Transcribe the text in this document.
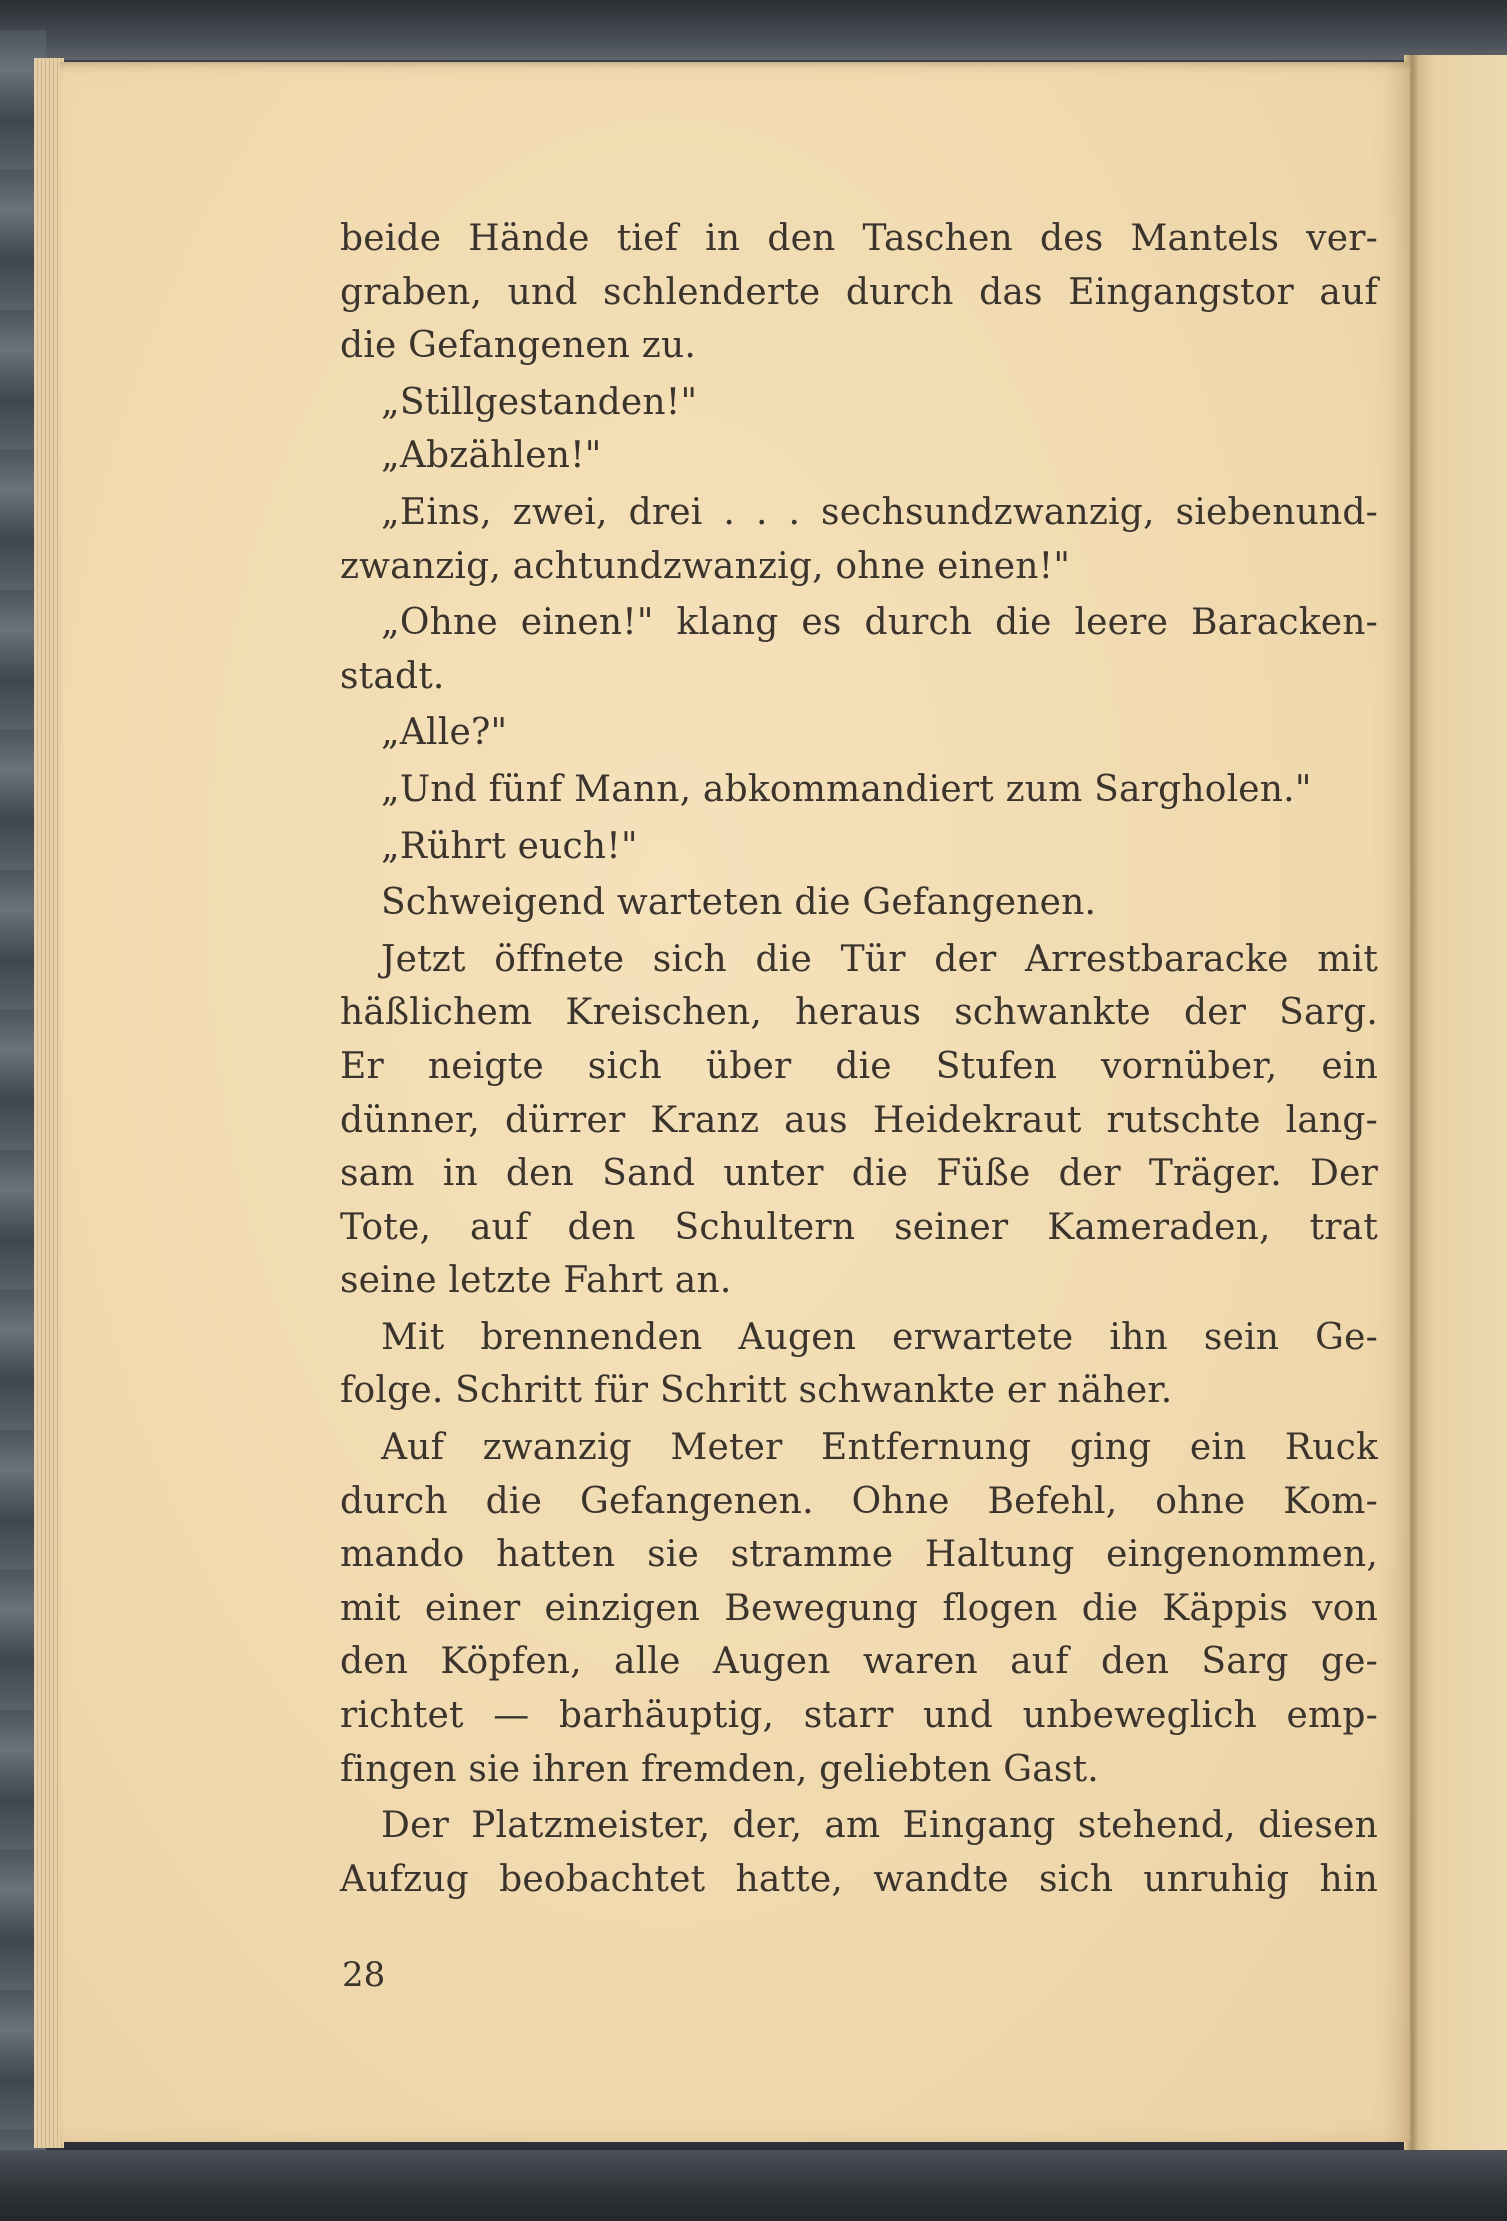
beide Hände tief in den Taschen des Mantels ver-
graben, und schlenderte durch das Eingangstor auf
die Gefangenen zu.
„Stillgestanden!"
„Abzählen!"
„Eins, zwei, drei . . . sechsundzwanzig, siebenund-
zwanzig, achtundzwanzig, ohne einen!"
„Ohne einen!" klang es durch die leere Baracken-
stadt.
„Alle?"
„Und fünf Mann, abkommandiert zum Sargholen."
„Rührt euch!"
Schweigend warteten die Gefangenen.
Jetzt öffnete sich die Tür der Arrestbaracke mit
häßlichem Kreischen, heraus schwankte der Sarg.
Er neigte sich über die Stufen vornüber, ein
dünner, dürrer Kranz aus Heidekraut rutschte lang-
sam in den Sand unter die Füße der Träger. Der
Tote, auf den Schultern seiner Kameraden, trat
seine letzte Fahrt an.
Mit brennenden Augen erwartete ihn sein Ge-
folge. Schritt für Schritt schwankte er näher.
Auf zwanzig Meter Entfernung ging ein Ruck
durch die Gefangenen. Ohne Befehl, ohne Kom-
mando hatten sie stramme Haltung eingenommen,
mit einer einzigen Bewegung flogen die Käppis von
den Köpfen, alle Augen waren auf den Sarg ge-
richtet — barhäuptig, starr und unbeweglich emp-
fingen sie ihren fremden, geliebten Gast.
Der Platzmeister, der, am Eingang stehend, diesen
Aufzug beobachtet hatte, wandte sich unruhig hin
28
